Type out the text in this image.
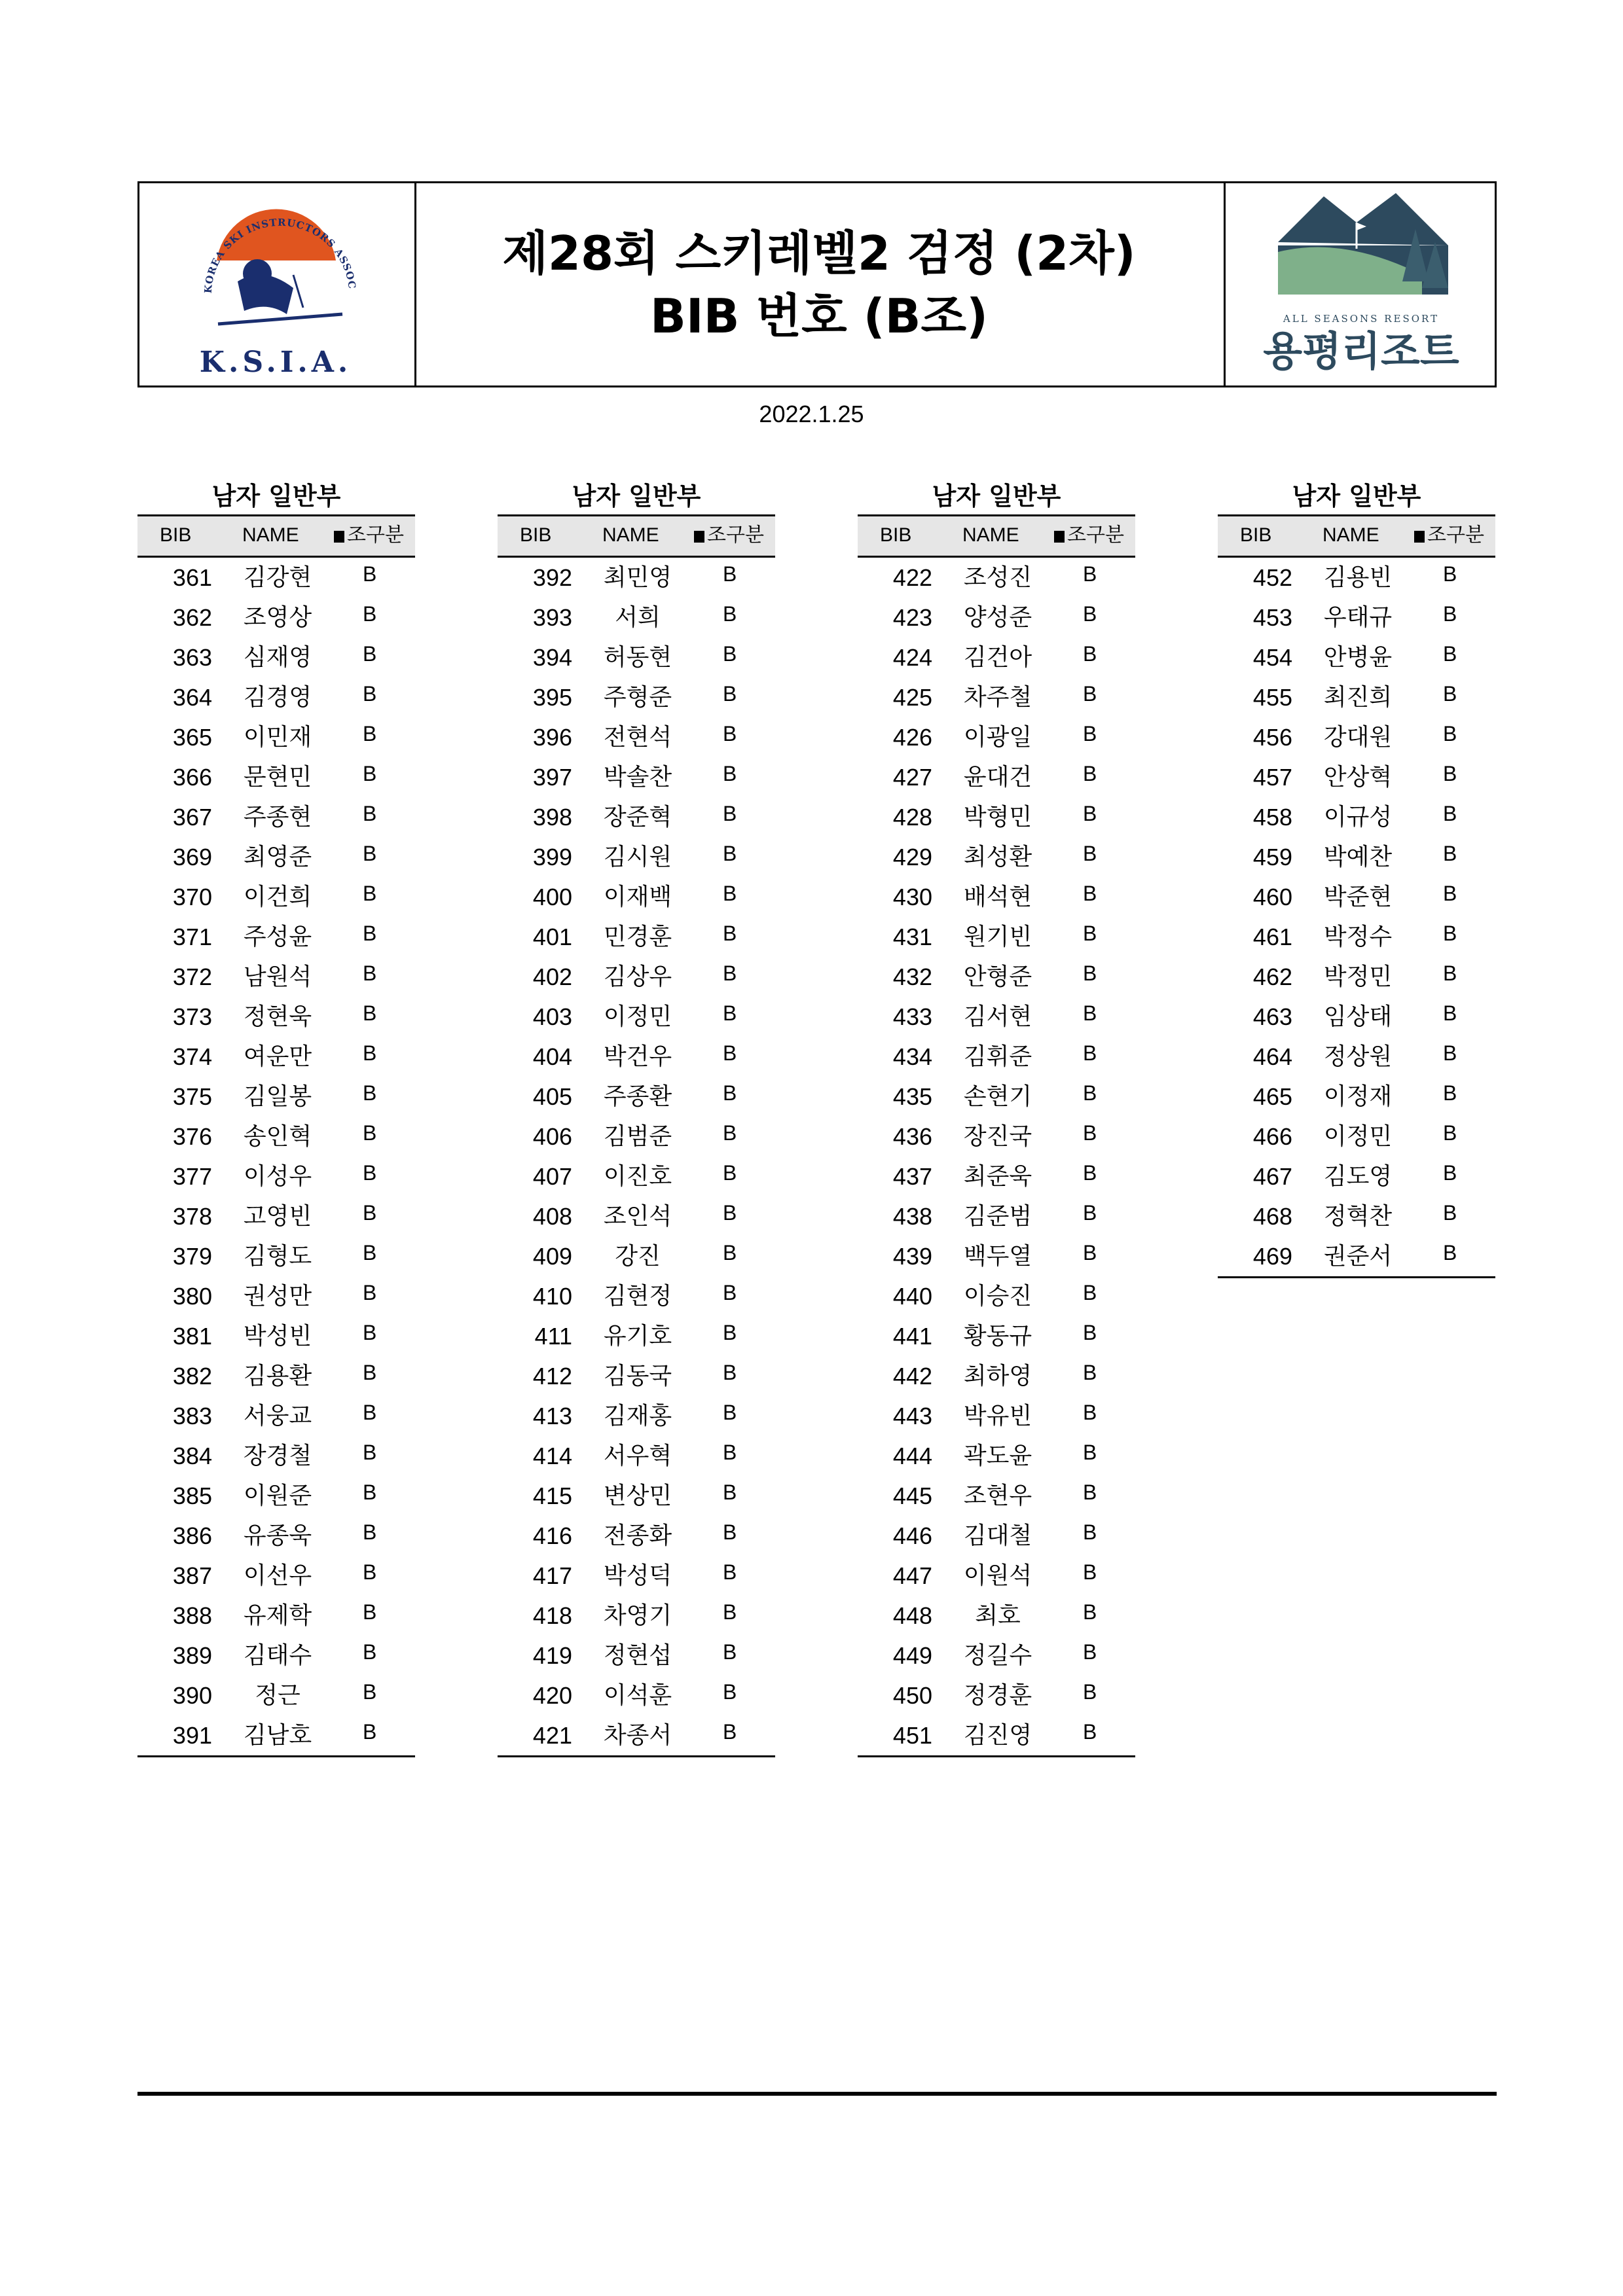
KOREA SKI INSTRUCTORS ASSOC
K.S.I.A.
제28회 스키레벨2 검정 (2차)
BIB 번호 (B조)	ALL SEASONS RESORT
용평리조트
2022.1.25
남자 일반부
BIB	NAME	조구분
361	김강현	B
362	조영상	B
363	심재영	B
364	김경영	B
365	이민재	B
366	문현민	B
367	주종현	B
369	최영준	B
370	이건희	B
371	주성윤	B
372	남원석	B
373	정현욱	B
374	여운만	B
375	김일봉	B
376	송인혁	B
377	이성우	B
378	고영빈	B
379	김형도	B
380	권성만	B
381	박성빈	B
382	김용환	B
383	서웅교	B
384	장경철	B
385	이원준	B
386	유종욱	B
387	이선우	B
388	유제학	B
389	김태수	B
390	정근	B
391	김남호	B
남자 일반부
BIB	NAME	조구분
392	최민영	B
393	서희	B
394	허동현	B
395	주형준	B
396	전현석	B
397	박솔찬	B
398	장준혁	B
399	김시원	B
400	이재백	B
401	민경훈	B
402	김상우	B
403	이정민	B
404	박건우	B
405	주종환	B
406	김범준	B
407	이진호	B
408	조인석	B
409	강진	B
410	김현정	B
411	유기호	B
412	김동국	B
413	김재홍	B
414	서우혁	B
415	변상민	B
416	전종화	B
417	박성덕	B
418	차영기	B
419	정현섭	B
420	이석훈	B
421	차종서	B
남자 일반부
BIB	NAME	조구분
422	조성진	B
423	양성준	B
424	김건아	B
425	차주철	B
426	이광일	B
427	윤대건	B
428	박형민	B
429	최성환	B
430	배석현	B
431	원기빈	B
432	안형준	B
433	김서현	B
434	김휘준	B
435	손현기	B
436	장진국	B
437	최준욱	B
438	김준범	B
439	백두열	B
440	이승진	B
441	황동규	B
442	최하영	B
443	박유빈	B
444	곽도윤	B
445	조현우	B
446	김대철	B
447	이원석	B
448	최호	B
449	정길수	B
450	정경훈	B
451	김진영	B
남자 일반부
BIB	NAME	조구분
452	김용빈	B
453	우태규	B
454	안병윤	B
455	최진희	B
456	강대원	B
457	안상혁	B
458	이규성	B
459	박예찬	B
460	박준현	B
461	박정수	B
462	박정민	B
463	임상태	B
464	정상원	B
465	이정재	B
466	이정민	B
467	김도영	B
468	정혁찬	B
469	권준서	B
